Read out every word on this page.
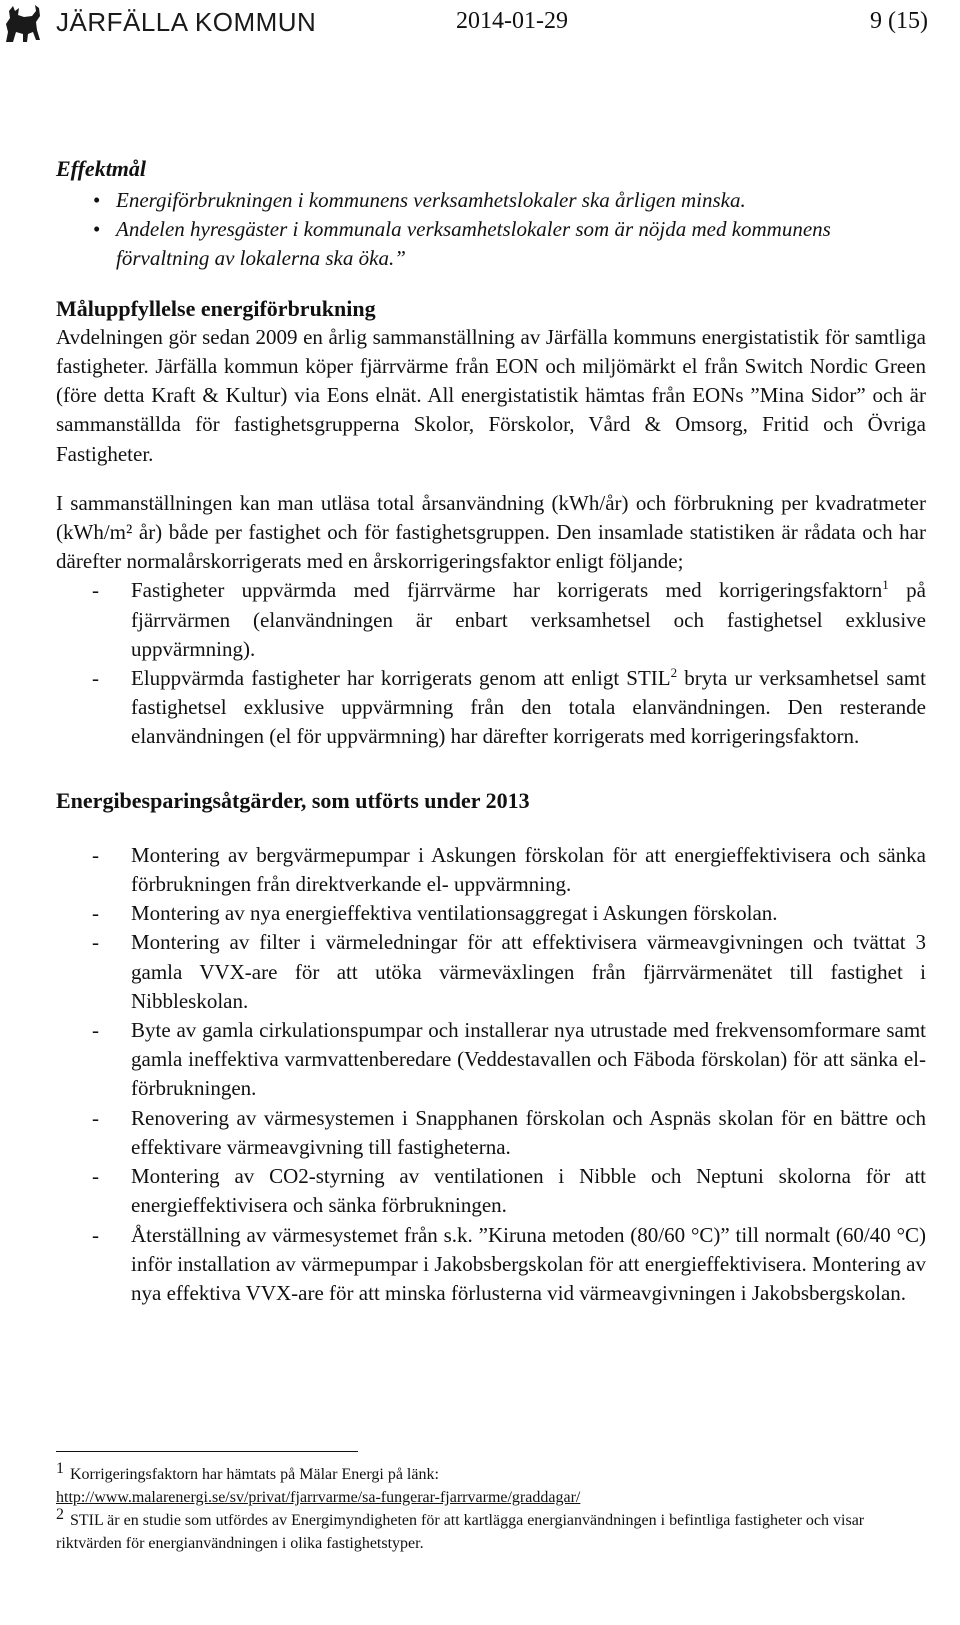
JÄRFÄLLA KOMMUN	2014-01-29	9 (15)

Effektmål

• Energiförbrukningen i kommunens verksamhetslokaler ska årligen minska.
• Andelen hyresgäster i kommunala verksamhetslokaler som är nöjda med kommunens förvaltning av lokalerna ska öka.”

Måluppfyllelse energiförbrukning

Avdelningen gör sedan 2009 en årlig sammanställning av Järfälla kommuns energistatistik för samtliga fastigheter. Järfälla kommun köper fjärrvärme från EON och miljömärkt el från Switch Nordic Green (före detta Kraft & Kultur) via Eons elnät. All energistatistik hämtas från EONs ”Mina Sidor” och är sammanställda för fastighetsgrupperna Skolor, Förskolor, Vård & Omsorg, Fritid och Övriga Fastigheter.

I sammanställningen kan man utläsa total årsanvändning (kWh/år) och förbrukning per kvadratmeter (kWh/m² år) både per fastighet och för fastighetsgruppen. Den insamlade statistiken är rådata och har därefter normalårskorrigerats med en årskorrigeringsfaktor enligt följande;

- Fastigheter uppvärmda med fjärrvärme har korrigerats med korrigeringsfaktorn$^1$ på fjärrvärmen (elanvändningen är enbart verksamhetsel och fastighetsel exklusive uppvärmning).
- Eluppvärmda fastigheter har korrigerats genom att enligt STIL$^2$ bryta ur verksamhetsel samt fastighetsel exklusive uppvärmning från den totala elanvändningen. Den resterande elanvändningen (el för uppvärmning) har därefter korrigerats med korrigeringsfaktorn.

Energibesparingsåtgärder, som utförts under 2013

- Montering av bergvärmepumpar i Askungen förskolan för att energieffektivisera och sänka förbrukningen från direktverkande el- uppvärmning.
- Montering av nya energieffektiva ventilationsaggregat i Askungen förskolan.
- Montering av filter i värmeledningar för att effektivisera värmeavgivningen och tvättat 3 gamla VVX-are för att utöka värmeväxlingen från fjärrvärmenätet till fastighet i Nibbleskolan.
- Byte av gamla cirkulationspumpar och installerar nya utrustade med frekvensomformare samt gamla ineffektiva varmvattenberedare (Veddestavallen och Fäboda förskolan) för att sänka el-förbrukningen.
- Renovering av värmesystemen i Snapphanen förskolan och Aspnäs skolan för en bättre och effektivare värmeavgivning till fastigheterna.
- Montering av CO2-styrning av ventilationen i Nibble och Neptuni skolorna för att energieffektivisera och sänka förbrukningen.
- Återställning av värmesystemet från s.k. ”Kiruna metoden (80/60 °C)” till normalt (60/40 °C) inför installation av värmepumpar i Jakobsbergskolan för att energieffektivisera. Montering av nya effektiva VVX-are för att minska förlusterna vid värmeavgivningen i Jakobsbergskolan.

1 Korrigeringsfaktorn har hämtats på Mälar Energi på länk:

http://www.malarenergi.se/sv/privat/fjarrvarme/sa-fungerar-fjarrvarme/graddagar/

2 STIL är en studie som utfördes av Energimyndigheten för att kartlägga energianvändningen i befintliga fastigheter och visar riktvärden för energianvändningen i olika fastighetstyper.
